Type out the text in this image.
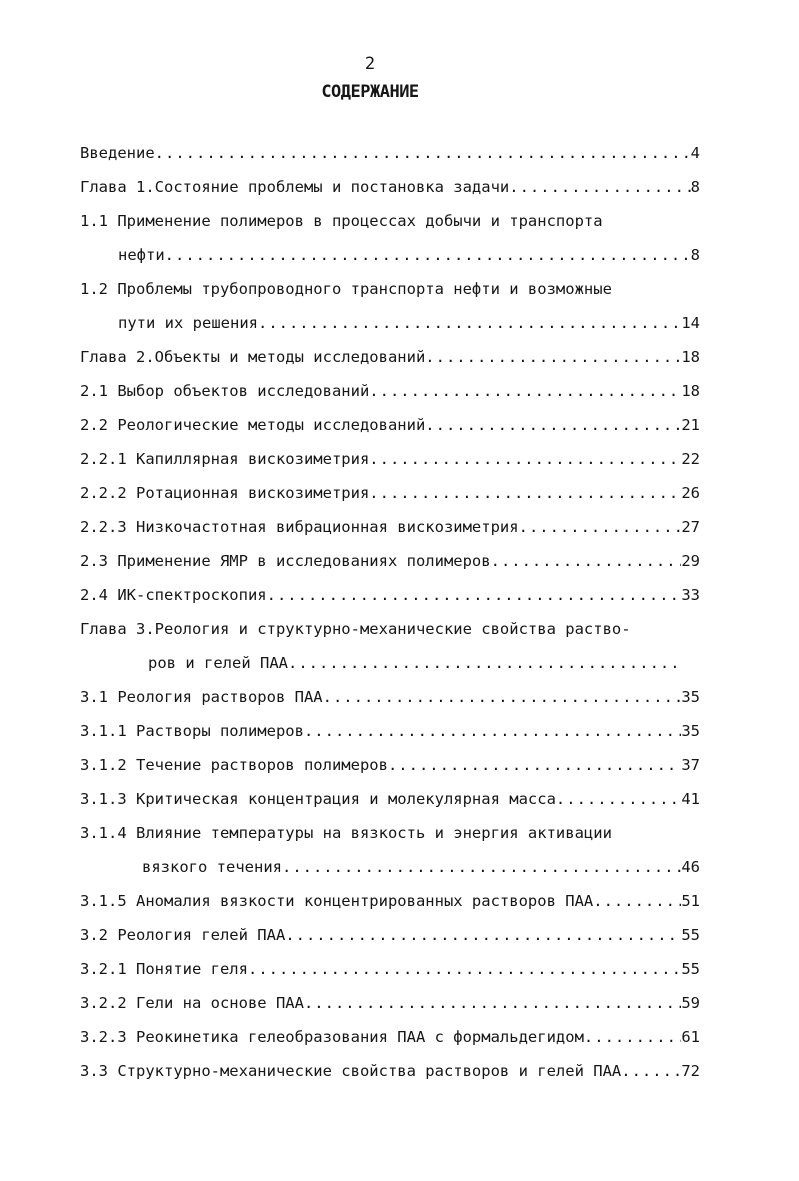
2
СОДЕРЖАНИЕ
Введение .....	4
Глава 1.Состояние проблемы и постановка задачи .....	8
1.1 Применение полимеров в процессах добычи и транспорта
нефти .....	8
1.2 Проблемы трубопроводного транспорта нефти и возможные
пути их решения .....	14
Глава 2.Объекты и методы исследований .....	18
2.1 Выбор объектов исследований .....	18
2.2 Реологические методы исследований .....	21
2.2.1 Капиллярная вискозиметрия .....	22
2.2.2 Ротационная вискозиметрия .....	26
2.2.3 Низкочастотная вибрационная вискозиметрия .....	27
2.3 Применение ЯМР в исследованиях полимеров .....	29
2.4 ИК-спектроскопия .....	33
Глава 3.Реология и структурно-механические свойства раство-
ров и гелей ПАА
.....
3.1 Реология растворов ПАА .....	35
3.1.1 Растворы полимеров .....	35
3.1.2 Течение растворов полимеров .....	37
3.1.3 Критическая концентрация и молекулярная масса .....	41
3.1.4 Влияние температуры на вязкость и энергия активации
вязкого течения .....	46
3.1.5 Аномалия вязкости концентрированных растворов ПАА .....	51
3.2 Реология гелей ПАА .....	55
3.2.1 Понятие геля .....	55
3.2.2 Гели на основе ПАА .....	59
3.2.3 Реокинетика гелеобразования ПАА с формальдегидом .....	61
3.3 Структурно-механические свойства растворов и гелей ПАА .....	72
